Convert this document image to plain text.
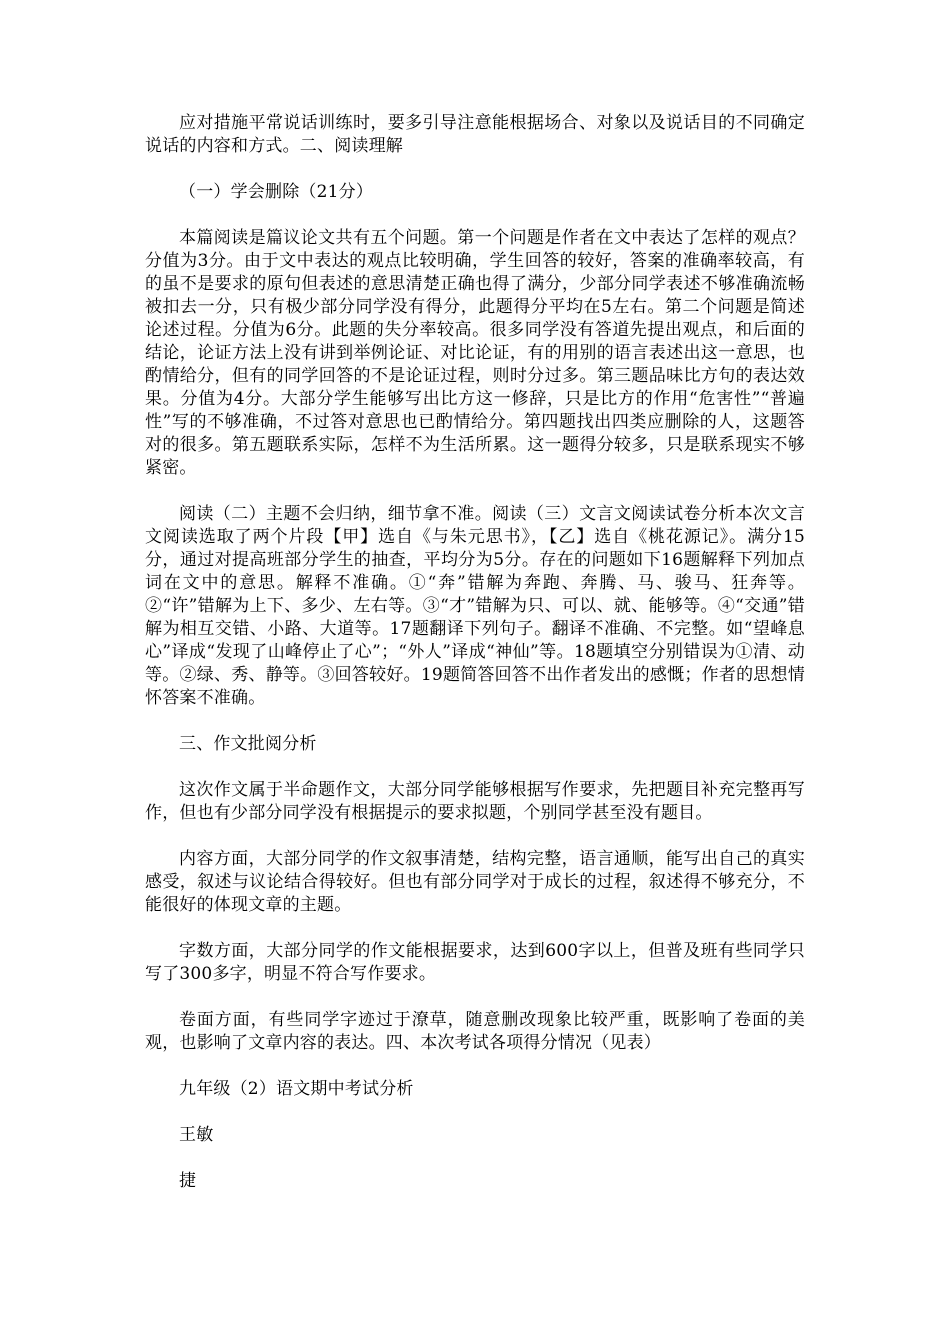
应对措施平常说话训练时，要多引导注意能根据场合、对象以及说话目的不同确定说话的内容和方式。二、阅读理解

（一）学会删除（21分）

本篇阅读是篇议论文共有五个问题。第一个问题是作者在文中表达了怎样的观点？分值为3分。由于文中表达的观点比较明确，学生回答的较好，答案的准确率较高，有的虽不是要求的原句但表述的意思清楚正确也得了满分，少部分同学表述不够准确流畅被扣去一分，只有极少部分同学没有得分，此题得分平均在5左右。第二个问题是简述论述过程。分值为6分。此题的失分率较高。很多同学没有答道先提出观点，和后面的结论，论证方法上没有讲到举例论证、对比论证，有的用别的语言表述出这一意思，也酌情给分，但有的同学回答的不是论证过程，则时分过多。第三题品味比方句的表达效果。分值为4分。大部分学生能够写出比方这一修辞，只是比方的作用“危害性”“普遍性”写的不够准确，不过答对意思也已酌情给分。第四题找出四类应删除的人，这题答对的很多。第五题联系实际，怎样不为生活所累。这一题得分较多，只是联系现实不够紧密。

阅读（二）主题不会归纳，细节拿不准。阅读（三）文言文阅读试卷分析本次文言文阅读选取了两个片段【甲】选自《与朱元思书》，【乙】选自《桃花源记》。满分15分，通过对提高班部分学生的抽查，平均分为5分。存在的问题如下16题解释下列加点词在文中的意思。解释不准确。①“奔”错解为奔跑、奔腾、马、骏马、狂奔等。②“许”错解为上下、多少、左右等。③“才”错解为只、可以、就、能够等。④“交通”错解为相互交错、小路、大道等。17题翻译下列句子。翻译不准确、不完整。如“望峰息心”译成“发现了山峰停止了心”；“外人”译成“神仙”等。18题填空分别错误为①清、动等。②绿、秀、静等。③回答较好。19题简答回答不出作者发出的感慨；作者的思想情怀答案不准确。

三、作文批阅分析

这次作文属于半命题作文，大部分同学能够根据写作要求，先把题目补充完整再写作，但也有少部分同学没有根据提示的要求拟题，个别同学甚至没有题目。

内容方面，大部分同学的作文叙事清楚，结构完整，语言通顺，能写出自己的真实感受，叙述与议论结合得较好。但也有部分同学对于成长的过程，叙述得不够充分，不能很好的体现文章的主题。

字数方面，大部分同学的作文能根据要求，达到600字以上，但普及班有些同学只写了300多字，明显不符合写作要求。

卷面方面，有些同学字迹过于潦草，随意删改现象比较严重，既影响了卷面的美观，也影响了文章内容的表达。四、本次考试各项得分情况（见表）

九年级（2）语文期中考试分析

王敏

捷
